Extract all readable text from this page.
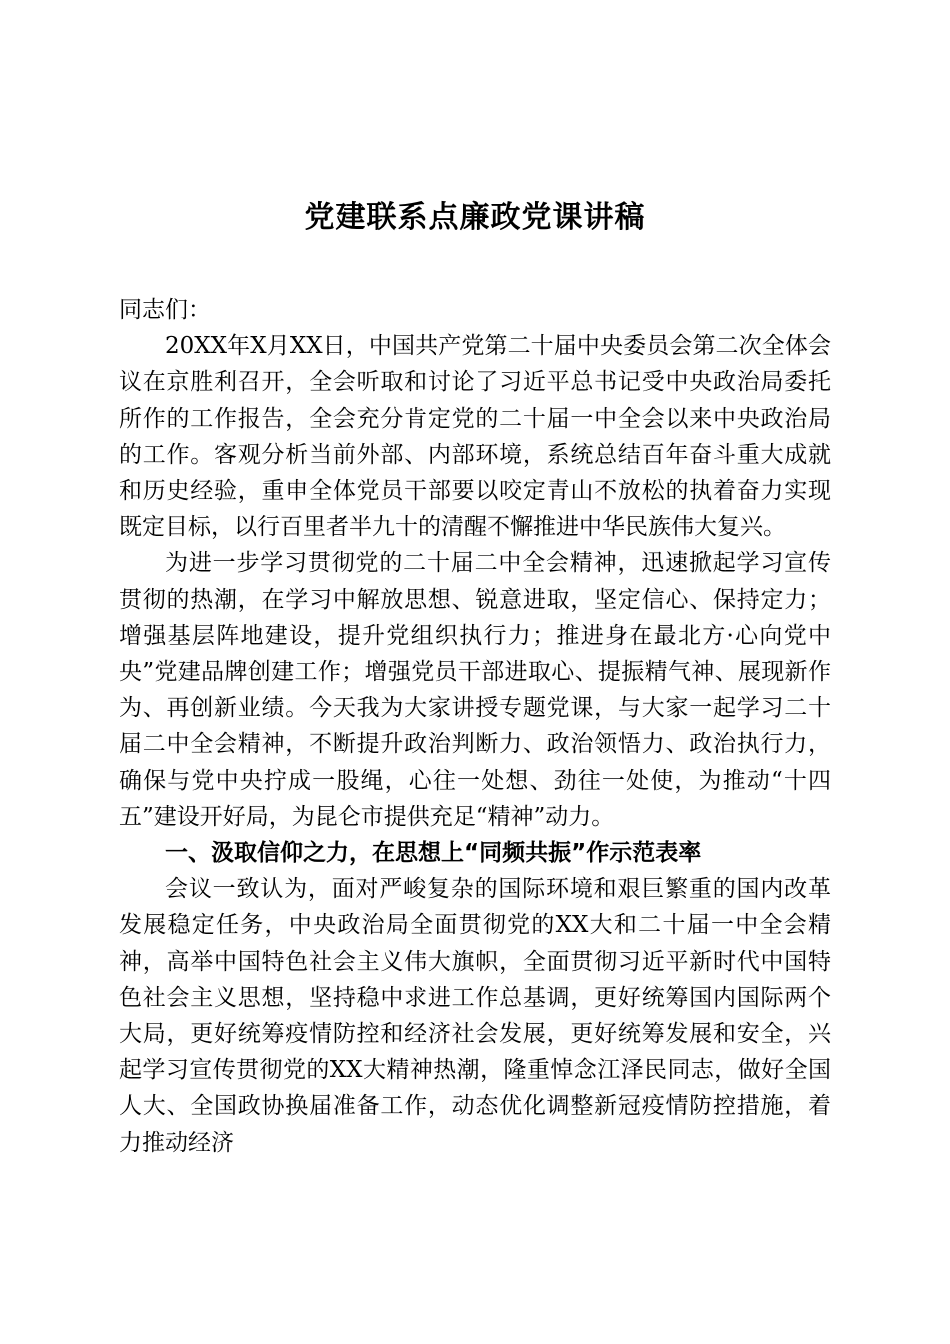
党建联系点廉政党课讲稿

同志们：

20XX年X月XX日，中国共产党第二十届中央委员会第二次全体会议在京胜利召开，全会听取和讨论了习近平总书记受中央政治局委托所作的工作报告，全会充分肯定党的二十届一中全会以来中央政治局的工作。客观分析当前外部、内部环境，系统总结百年奋斗重大成就和历史经验，重申全体党员干部要以咬定青山不放松的执着奋力实现既定目标，以行百里者半九十的清醒不懈推进中华民族伟大复兴。

为进一步学习贯彻党的二十届二中全会精神，迅速掀起学习宣传贯彻的热潮，在学习中解放思想、锐意进取，坚定信心、保持定力；增强基层阵地建设，提升党组织执行力；推进身在最北方·心向党中央”党建品牌创建工作；增强党员干部进取心、提振精气神、展现新作为、再创新业绩。今天我为大家讲授专题党课，与大家一起学习二十届二中全会精神，不断提升政治判断力、政治领悟力、政治执行力，确保与党中央拧成一股绳，心往一处想、劲往一处使，为推动“十四五”建设开好局，为昆仑市提供充足“精神”动力。

一、汲取信仰之力，在思想上“同频共振”作示范表率

会议一致认为，面对严峻复杂的国际环境和艰巨繁重的国内改革发展稳定任务，中央政治局全面贯彻党的XX大和二十届一中全会精神，高举中国特色社会主义伟大旗帜，全面贯彻习近平新时代中国特色社会主义思想，坚持稳中求进工作总基调，更好统筹国内国际两个大局，更好统筹疫情防控和经济社会发展，更好统筹发展和安全，兴起学习宣传贯彻党的XX大精神热潮，隆重悼念江泽民同志，做好全国人大、全国政协换届准备工作，动态优化调整新冠疫情防控措施，着力推动经济
